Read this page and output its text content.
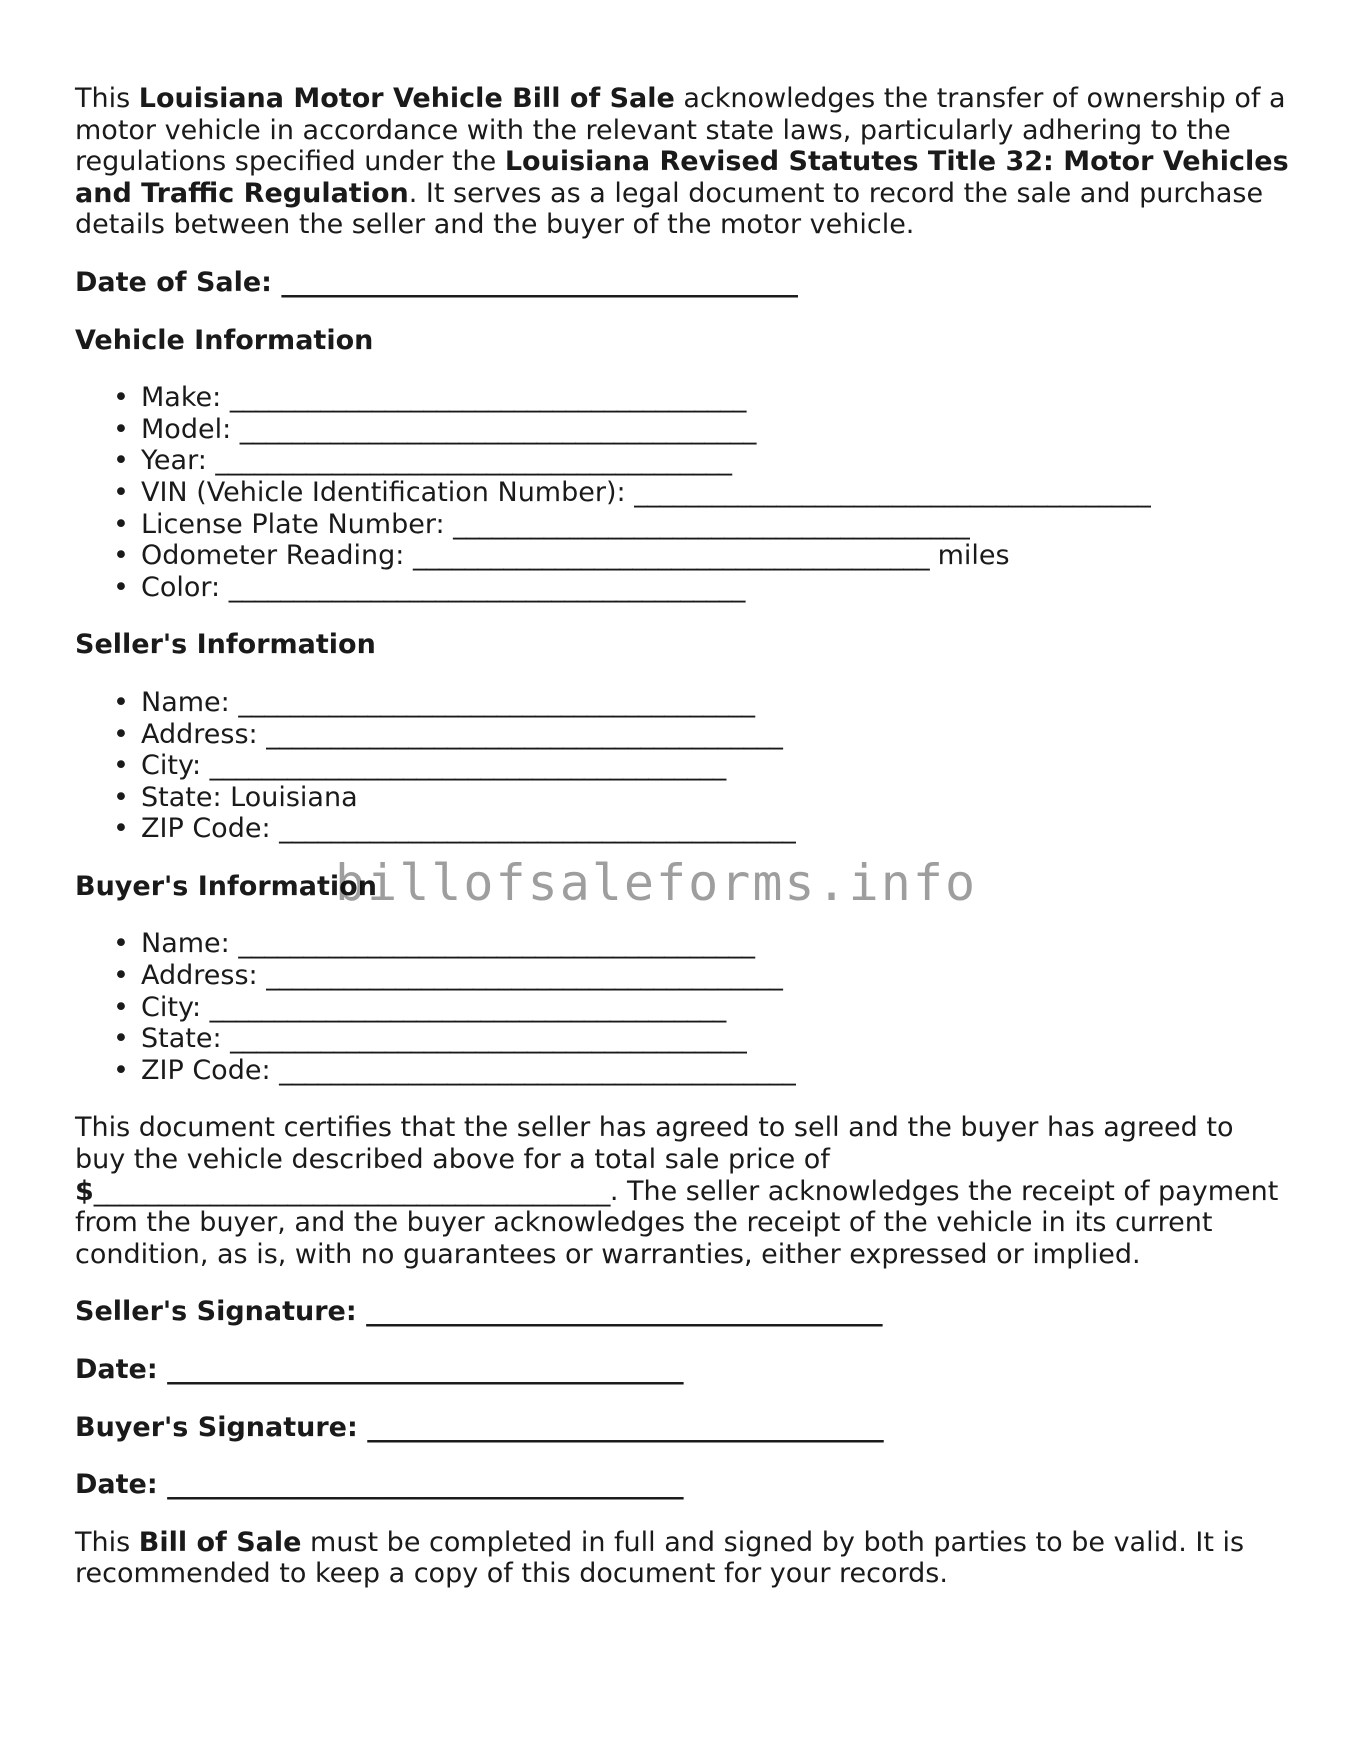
This Louisiana Motor Vehicle Bill of Sale acknowledges the transfer of ownership of a motor vehicle in accordance with the relevant state laws, particularly adhering to the regulations specified under the Louisiana Revised Statutes Title 32: Motor Vehicles and Traffic Regulation. It serves as a legal document to record the sale and purchase details between the seller and the buyer of the motor vehicle.

Date of Sale: ________________________________________

Vehicle Information

• Make: ________________________________________
• Model: ________________________________________
• Year: ________________________________________
• VIN (Vehicle Identification Number): ________________________________________
• License Plate Number: ________________________________________
• Odometer Reading: ________________________________________ miles
• Color: ________________________________________

Seller's Information

• Name: ________________________________________
• Address: ________________________________________
• City: ________________________________________
• State: Louisiana
• ZIP Code: ________________________________________

Buyer's Information

• Name: ________________________________________
• Address: ________________________________________
• City: ________________________________________
• State: ________________________________________
• ZIP Code: ________________________________________

This document certifies that the seller has agreed to sell and the buyer has agreed to buy the vehicle described above for a total sale price of $________________________________________. The seller acknowledges the receipt of payment from the buyer, and the buyer acknowledges the receipt of the vehicle in its current condition, as is, with no guarantees or warranties, either expressed or implied.

Seller's Signature: ________________________________________

Date: ________________________________________

Buyer's Signature: ________________________________________

Date: ________________________________________

This Bill of Sale must be completed in full and signed by both parties to be valid. It is recommended to keep a copy of this document for your records.

billofsaleforms.info
